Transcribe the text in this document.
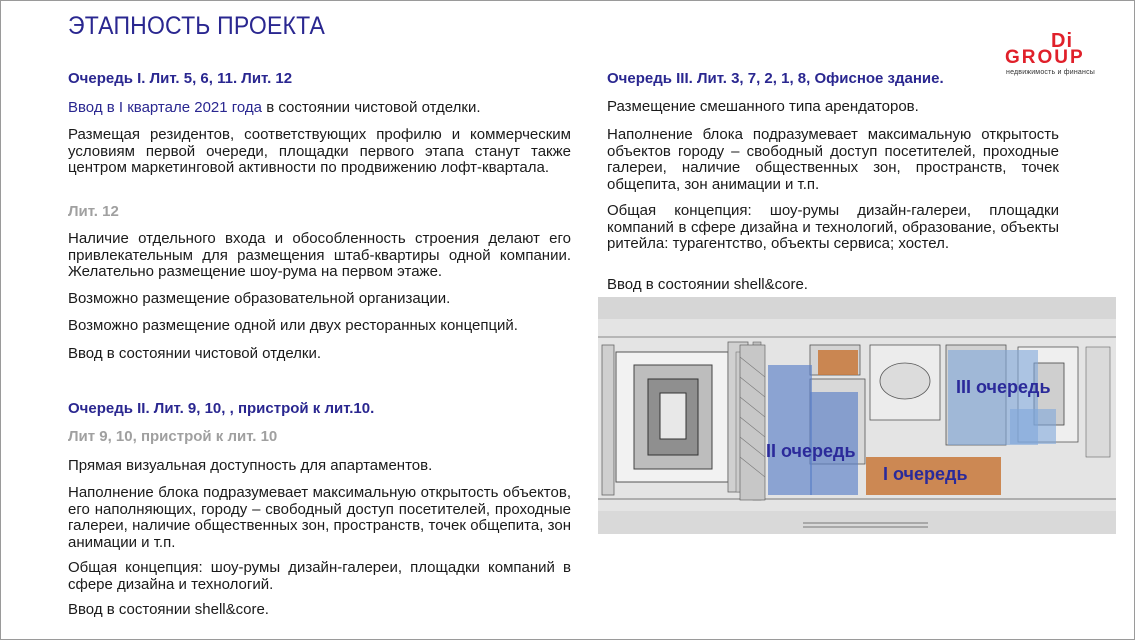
ЭТАПНОСТЬ ПРОЕКТА
Di
GROUP
недвижимость и финансы

Очередь I. Лит. 5, 6, 11. Лит. 12

Ввод в I квартале 2021 года в состоянии чистовой отделки.

Размещая резидентов, соответствующих профилю и коммерческим условиям первой очереди, площадки первого этапа станут также центром маркетинговой активности по продвижению лофт-квартала.

Лит. 12

Наличие отдельного входа и обособленность строения делают его привлекательным для размещения штаб-квартиры одной компании. Желательно размещение шоу-рума на первом этаже.

Возможно размещение образовательной организации.

Возможно размещение одной или двух ресторанных концепций.

Ввод в состоянии чистовой отделки.

Очередь II. Лит. 9, 10, , пристрой к лит.10.

Лит 9, 10, пристрой к лит. 10

Прямая визуальная доступность для апартаментов.

Наполнение блока подразумевает максимальную открытость объектов, его наполняющих, городу – свободный доступ посетителей, проходные галереи, наличие общественных зон, пространств, точек общепита, зон анимации и т.п.

Общая концепция: шоу-румы дизайн-галереи, площадки компаний в сфере дизайна и технологий.

Ввод в состоянии shell&core.

Очередь III. Лит. 3, 7, 2, 1, 8, Офисное здание.

Размещение смешанного типа арендаторов.

Наполнение блока подразумевает максимальную открытость объектов городу – свободный доступ посетителей, проходные галереи, наличие общественных зон, пространств, точек общепита, зон анимации и т.п.

Общая концепция: шоу-румы дизайн-галереи, площадки компаний в сфере дизайна и технологий, образование, объекты ритейла: турагентство, объекты сервиса; хостел.

Ввод в состоянии shell&core.

III очередь
II очередь
I очередь
